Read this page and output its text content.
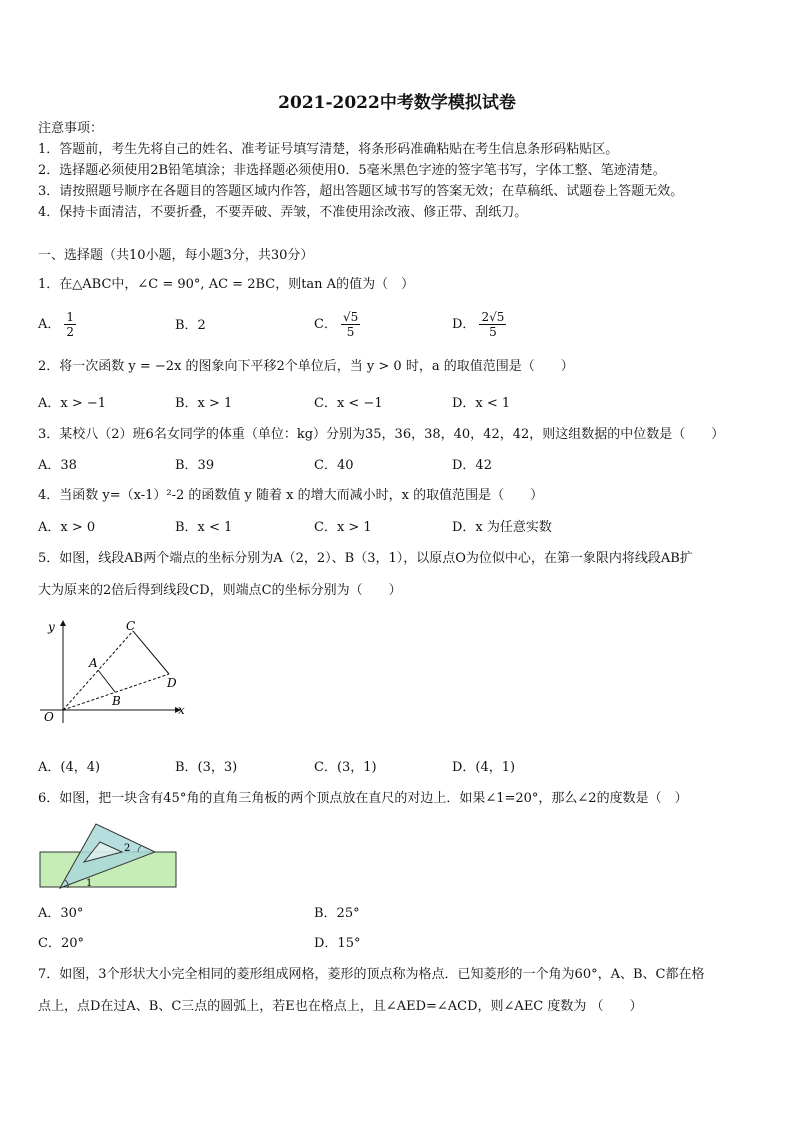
2021-2022中考数学模拟试卷
注意事项：
1．答题前，考生先将自己的姓名、准考证号填写清楚，将条形码准确粘贴在考生信息条形码粘贴区。
2．选择题必须使用2B铅笔填涂；非选择题必须使用0．5毫米黑色字迹的签字笔书写，字体工整、笔迹清楚。
3．请按照题号顺序在各题目的答题区域内作答，超出答题区域书写的答案无效；在草稿纸、试题卷上答题无效。
4．保持卡面清洁，不要折叠，不要弄破、弄皱，不准使用涂改液、修正带、刮纸刀。
一、选择题（共10小题，每小题3分，共30分）
1．在△ABC中，∠C = 90°, AC = 2BC，则tan A的值为（　）
A． $\frac{1}{2}$	B．2	C． $\frac{√5}{5}$	D． $\frac{2√5}{5}$
2．将一次函数 y = −2x 的图象向下平移2个单位后，当 y > 0 时，a 的取值范围是（　　）
A．x > −1	B．x > 1	C．x < −1	D．x < 1
3．某校八（2）班6名女同学的体重（单位：kg）分别为35，36，38，40，42，42，则这组数据的中位数是（　　）
A．38	B．39	C．40	D．42
4．当函数 y=（x-1）²-2 的函数值 y 随着 x 的增大而减小时，x 的取值范围是（　　）
A．x > 0	B．x < 1	C．x > 1	D．x 为任意实数
5．如图，线段AB两个端点的坐标分别为A（2，2）、B（3，1），以原点O为位似中心，在第一象限内将线段AB扩
大为原来的2倍后得到线段CD，则端点C的坐标分别为（　　）
y
x
O
A
B
C
D
A．(4，4)	B．(3，3)	C．(3，1)	D．(4，1)
6．如图，把一块含有45°角的直角三角板的两个顶点放在直尺的对边上．如果∠1=20°，那么∠2的度数是（　）
1
2
A．30°	B．25°
C．20°	D．15°
7．如图，3个形状大小完全相同的菱形组成网格，菱形的顶点称为格点．已知菱形的一个角为60°，A、B、C都在格
点上，点D在过A、B、C三点的圆弧上，若E也在格点上，且∠AED=∠ACD，则∠AEC 度数为 （　　）
